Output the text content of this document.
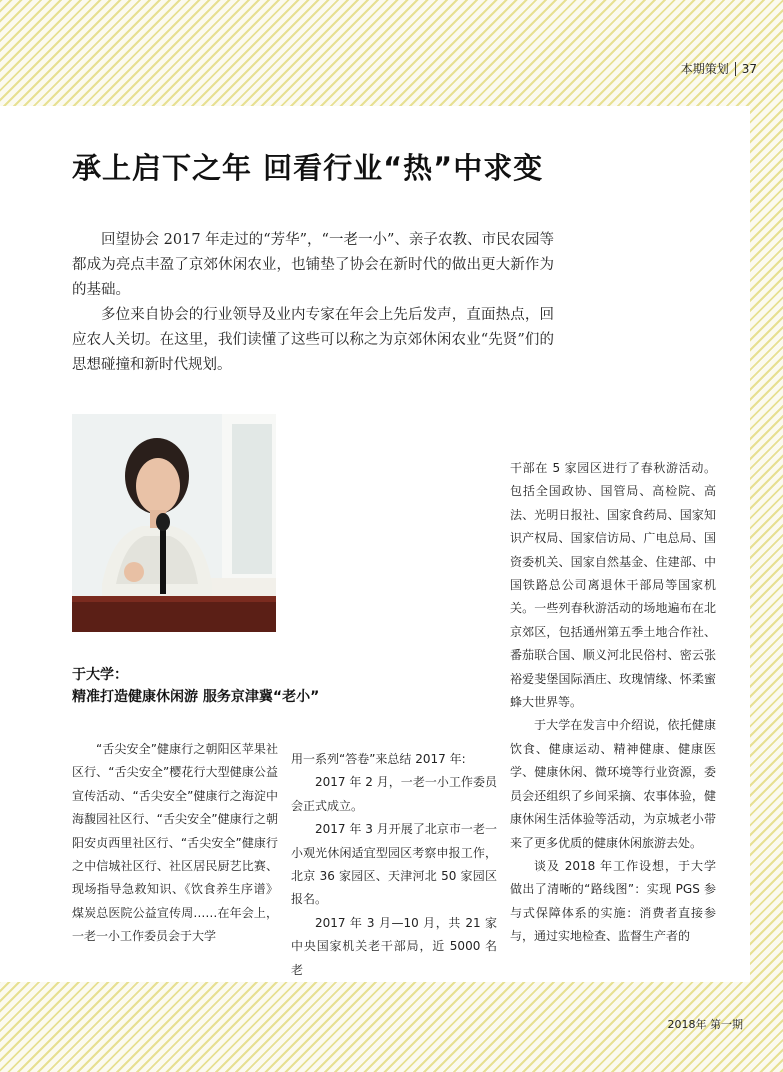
本期策划 37
承上启下之年 回看行业“热”中求变

回望协会 2017 年走过的“芳华”，“一老一小”、亲子农教、市民农园等都成为亮点丰盈了京郊休闲农业，也铺垫了协会在新时代的做出更大新作为的基础。

多位来自协会的行业领导及业内专家在年会上先后发声，直面热点，回应农人关切。在这里，我们读懂了这些可以称之为京郊休闲农业“先贤”们的思想碰撞和新时代规划。

于大学：
精准打造健康休闲游 服务京津冀“老小”

“舌尖安全”健康行之朝阳区苹果社区行、“舌尖安全”樱花行大型健康公益宣传活动、“舌尖安全”健康行之海淀中海馥园社区行、“舌尖安全”健康行之朝阳安贞西里社区行、“舌尖安全”健康行之中信城社区行、社区居民厨艺比赛、现场指导急救知识、《饮食养生序谱》煤炭总医院公益宣传周……在年会上，一老一小工作委员会于大学

用一系列“答卷”来总结 2017 年:

2017 年 2 月，一老一小工作委员会正式成立。

2017 年 3 月开展了北京市一老一小观光休闲适宜型园区考察申报工作，北京 36 家园区、天津河北 50 家园区报名。

2017 年 3 月—10 月，共 21 家中央国家机关老干部局，近 5000 名老

干部在 5 家园区进行了春秋游活动。包括全国政协、国管局、高检院、高法、光明日报社、国家食药局、国家知识产权局、国家信访局、广电总局、国资委机关、国家自然基金、住建部、中国铁路总公司离退休干部局等国家机关。一些列春秋游活动的场地遍布在北京郊区，包括通州第五季土地合作社、番茄联合国、顺义河北民俗村、密云张裕爱斐堡国际酒庄、玫瑰情缘、怀柔蜜蜂大世界等。

于大学在发言中介绍说，依托健康饮食、健康运动、精神健康、健康医学、健康休闲、微环境等行业资源，委员会还组织了乡间采摘、农事体验，健康休闲生活体验等活动，为京城老小带来了更多优质的健康休闲旅游去处。

谈及 2018 年工作设想，于大学做出了清晰的“路线图”：实现 PGS 参与式保障体系的实施：消费者直接参与，通过实地检查、监督生产者的

2018年 第一期
